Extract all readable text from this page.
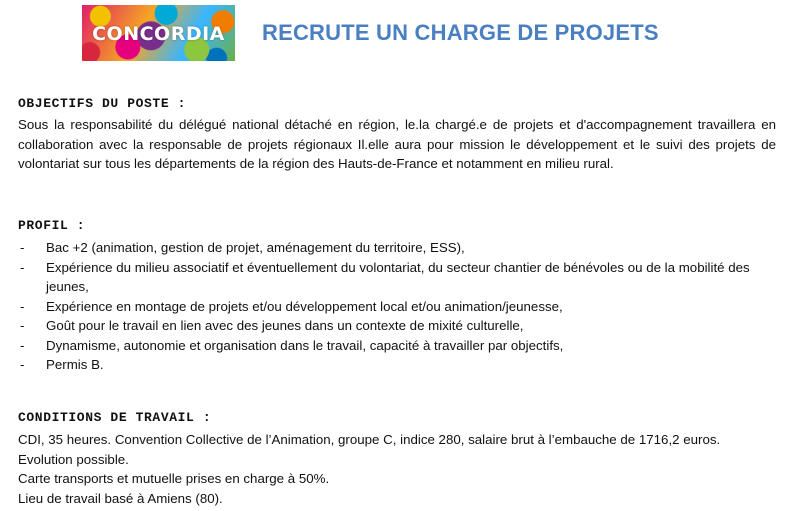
CONCORDIA	RECRUTE UN CHARGE DE PROJETS
OBJECTIFS DU POSTE :

Sous la responsabilité du délégué national détaché en région, le.la chargé.e de projets et d'accompagnement travaillera en collaboration avec la responsable de projets régionaux Il.elle aura pour mission le développement et le suivi des projets de volontariat sur tous les départements de la région des Hauts-de-France et notamment en milieu rural.

PROFIL :
- Bac +2 (animation, gestion de projet, aménagement du territoire, ESS),
- Expérience du milieu associatif et éventuellement du volontariat, du secteur chantier de bénévoles ou de la mobilité des jeunes,
- Expérience en montage de projets et/ou développement local et/ou animation/jeunesse,
- Goût pour le travail en lien avec des jeunes dans un contexte de mixité culturelle,
- Dynamisme, autonomie et organisation dans le travail, capacité à travailler par objectifs,
- Permis B.
CONDITIONS DE TRAVAIL :

CDI, 35 heures. Convention Collective de l’Animation, groupe C, indice 280, salaire brut à l’embauche de 1716,2 euros. Evolution possible.

Carte transports et mutuelle prises en charge à 50%.

Lieu de travail basé à Amiens (80).
